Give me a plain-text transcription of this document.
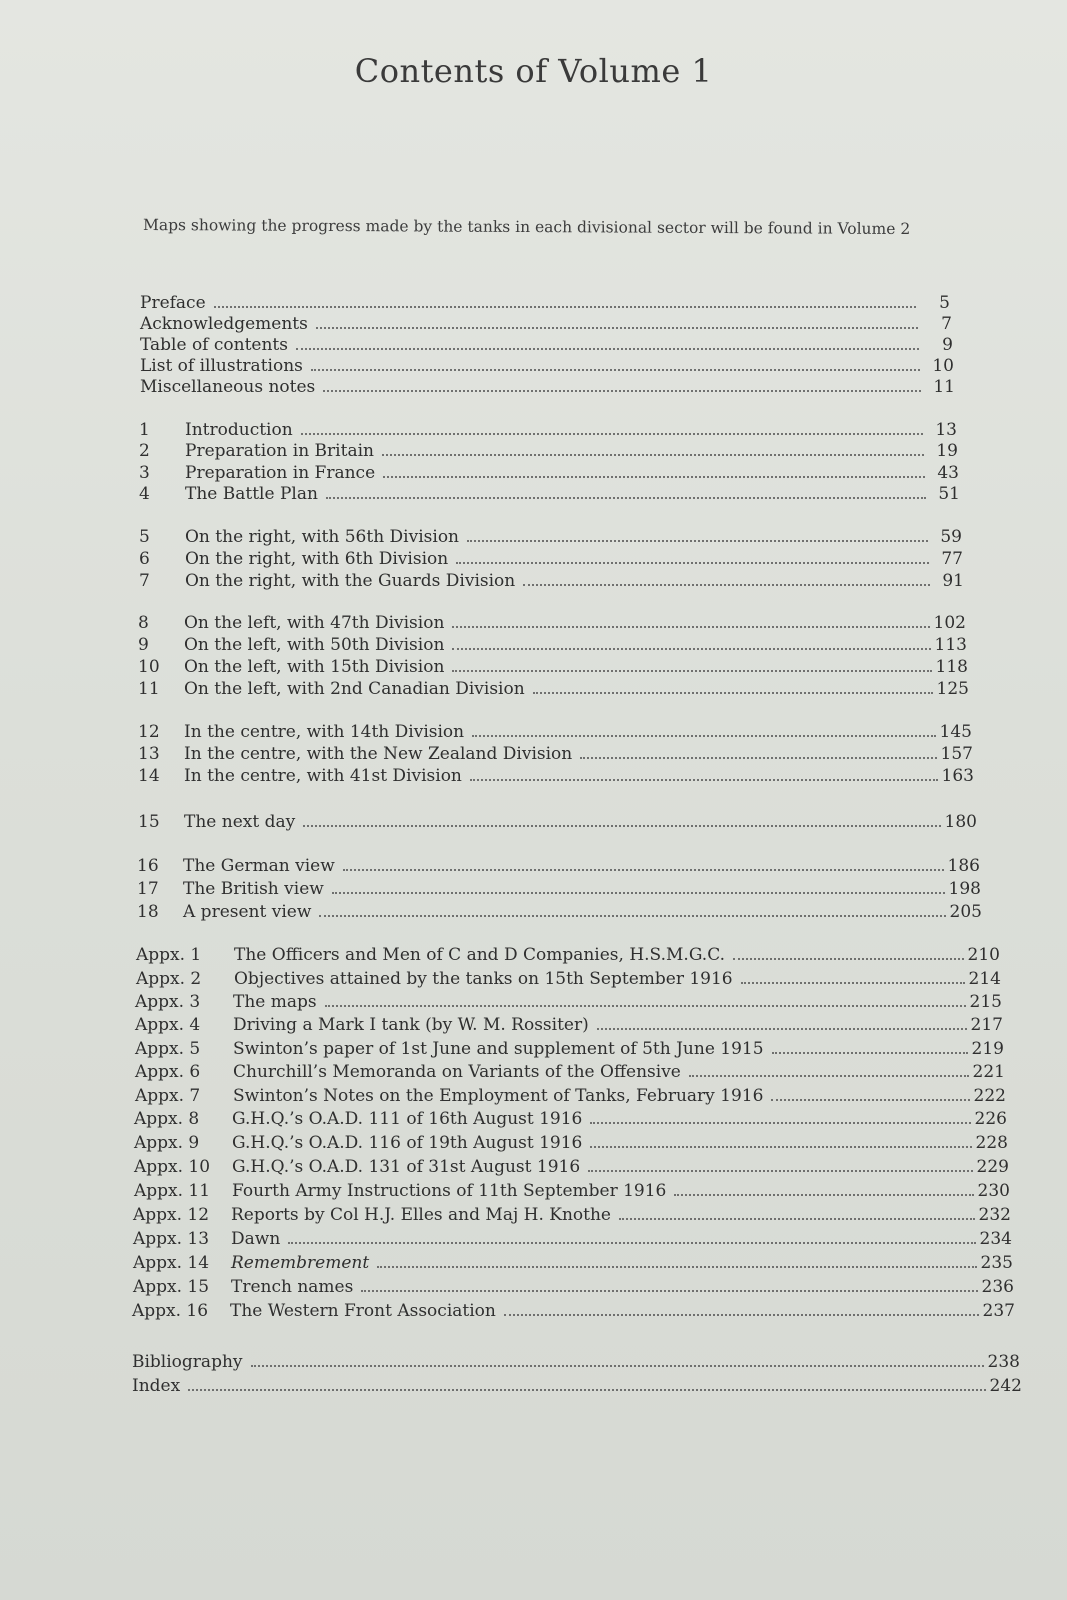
Contents of Volume 1
Maps showing the progress made by the tanks in each divisional sector will be found in Volume 2
Preface	5
Acknowledgements	7
Table of contents	9
List of illustrations	10
Miscellaneous notes	11
1	Introduction	13
2	Preparation in Britain	19
3	Preparation in France	43
4	The Battle Plan	51
5	On the right, with 56th Division	59
6	On the right, with 6th Division	77
7	On the right, with the Guards Division	91
8	On the left, with 47th Division	102
9	On the left, with 50th Division	113
10	On the left, with 15th Division	118
11	On the left, with 2nd Canadian Division	125
12	In the centre, with 14th Division	145
13	In the centre, with the New Zealand Division	157
14	In the centre, with 41st Division	163
15	The next day	180
16	The German view	186
17	The British view	198
18	A present view	205
Appx. 1	The Officers and Men of C and D Companies, H.S.M.G.C.	210
Appx. 2	Objectives attained by the tanks on 15th September 1916	214
Appx. 3	The maps	215
Appx. 4	Driving a Mark I tank (by W. M. Rossiter)	217
Appx. 5	Swinton’s paper of 1st June and supplement of 5th June 1915	219
Appx. 6	Churchill’s Memoranda on Variants of the Offensive	221
Appx. 7	Swinton’s Notes on the Employment of Tanks, February 1916	222
Appx. 8	G.H.Q.’s O.A.D. 111 of 16th August 1916	226
Appx. 9	G.H.Q.’s O.A.D. 116 of 19th August 1916	228
Appx. 10	G.H.Q.’s O.A.D. 131 of 31st August 1916	229
Appx. 11	Fourth Army Instructions of 11th September 1916	230
Appx. 12	Reports by Col H.J. Elles and Maj H. Knothe	232
Appx. 13	Dawn	234
Appx. 14	Remembrement	235
Appx. 15	Trench names	236
Appx. 16	The Western Front Association	237
Bibliography	238
Index	242
